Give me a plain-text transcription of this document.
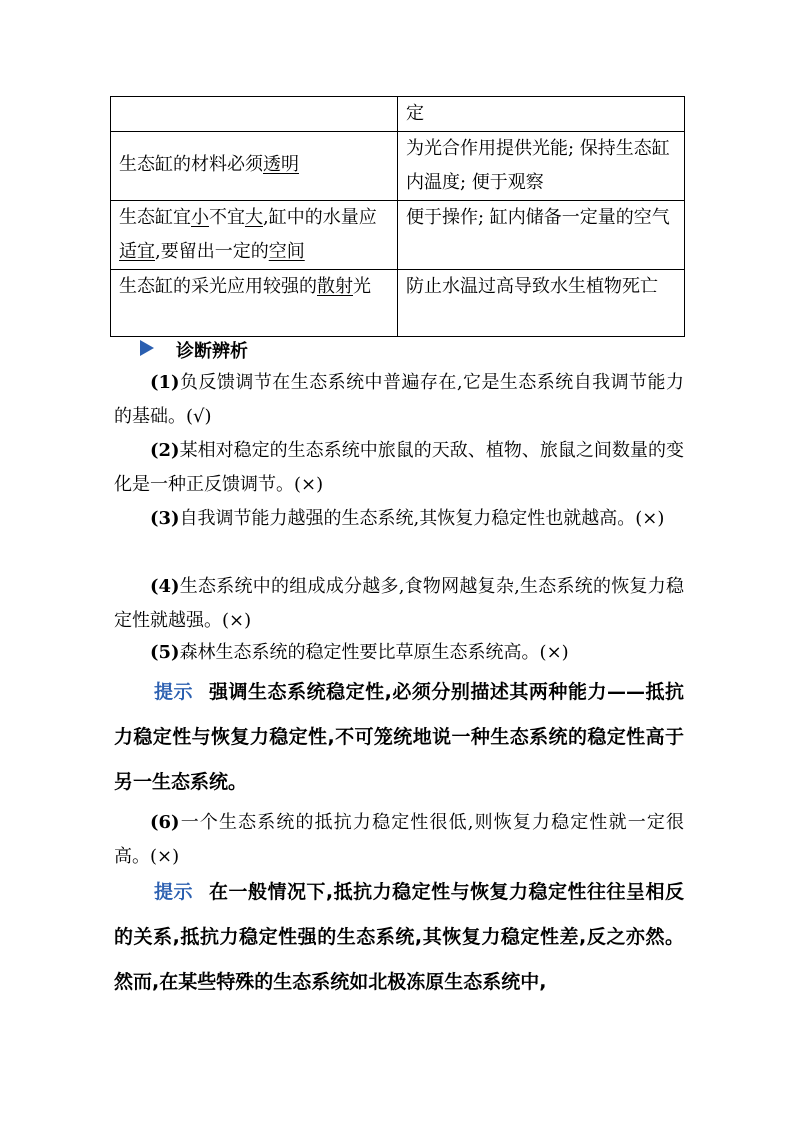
	定

生态缸的材料必须透明	为光合作用提供光能; 保持生态缸内温度; 便于观察
生态缸宜小不宜大,缸中的水量应适宜,要留出一定的空间	便于操作; 缸内储备一定量的空气
生态缸的采光应用较强的散射光	防止水温过高导致水生植物死亡
诊断辨析
(1)负反馈调节在生态系统中普遍存在,它是生态系统自我调节能力的基础。(√)
(2)某相对稳定的生态系统中旅鼠的天敌、植物、旅鼠之间数量的变化是一种正反馈调节。(×)
(3)自我调节能力越强的生态系统,其恢复力稳定性也就越高。(×)
(4)生态系统中的组成成分越多,食物网越复杂,生态系统的恢复力稳定性就越强。(×)
(5)森林生态系统的稳定性要比草原生态系统高。(×)
提示 强调生态系统稳定性,必须分别描述其两种能力——抵抗力稳定性与恢复力稳定性,不可笼统地说一种生态系统的稳定性高于另一生态系统。
(6)一个生态系统的抵抗力稳定性很低,则恢复力稳定性就一定很高。(×)
提示 在一般情况下,抵抗力稳定性与恢复力稳定性往往呈相反的关系,抵抗力稳定性强的生态系统,其恢复力稳定性差,反之亦然。然而,在某些特殊的生态系统如北极冻原生态系统中,
